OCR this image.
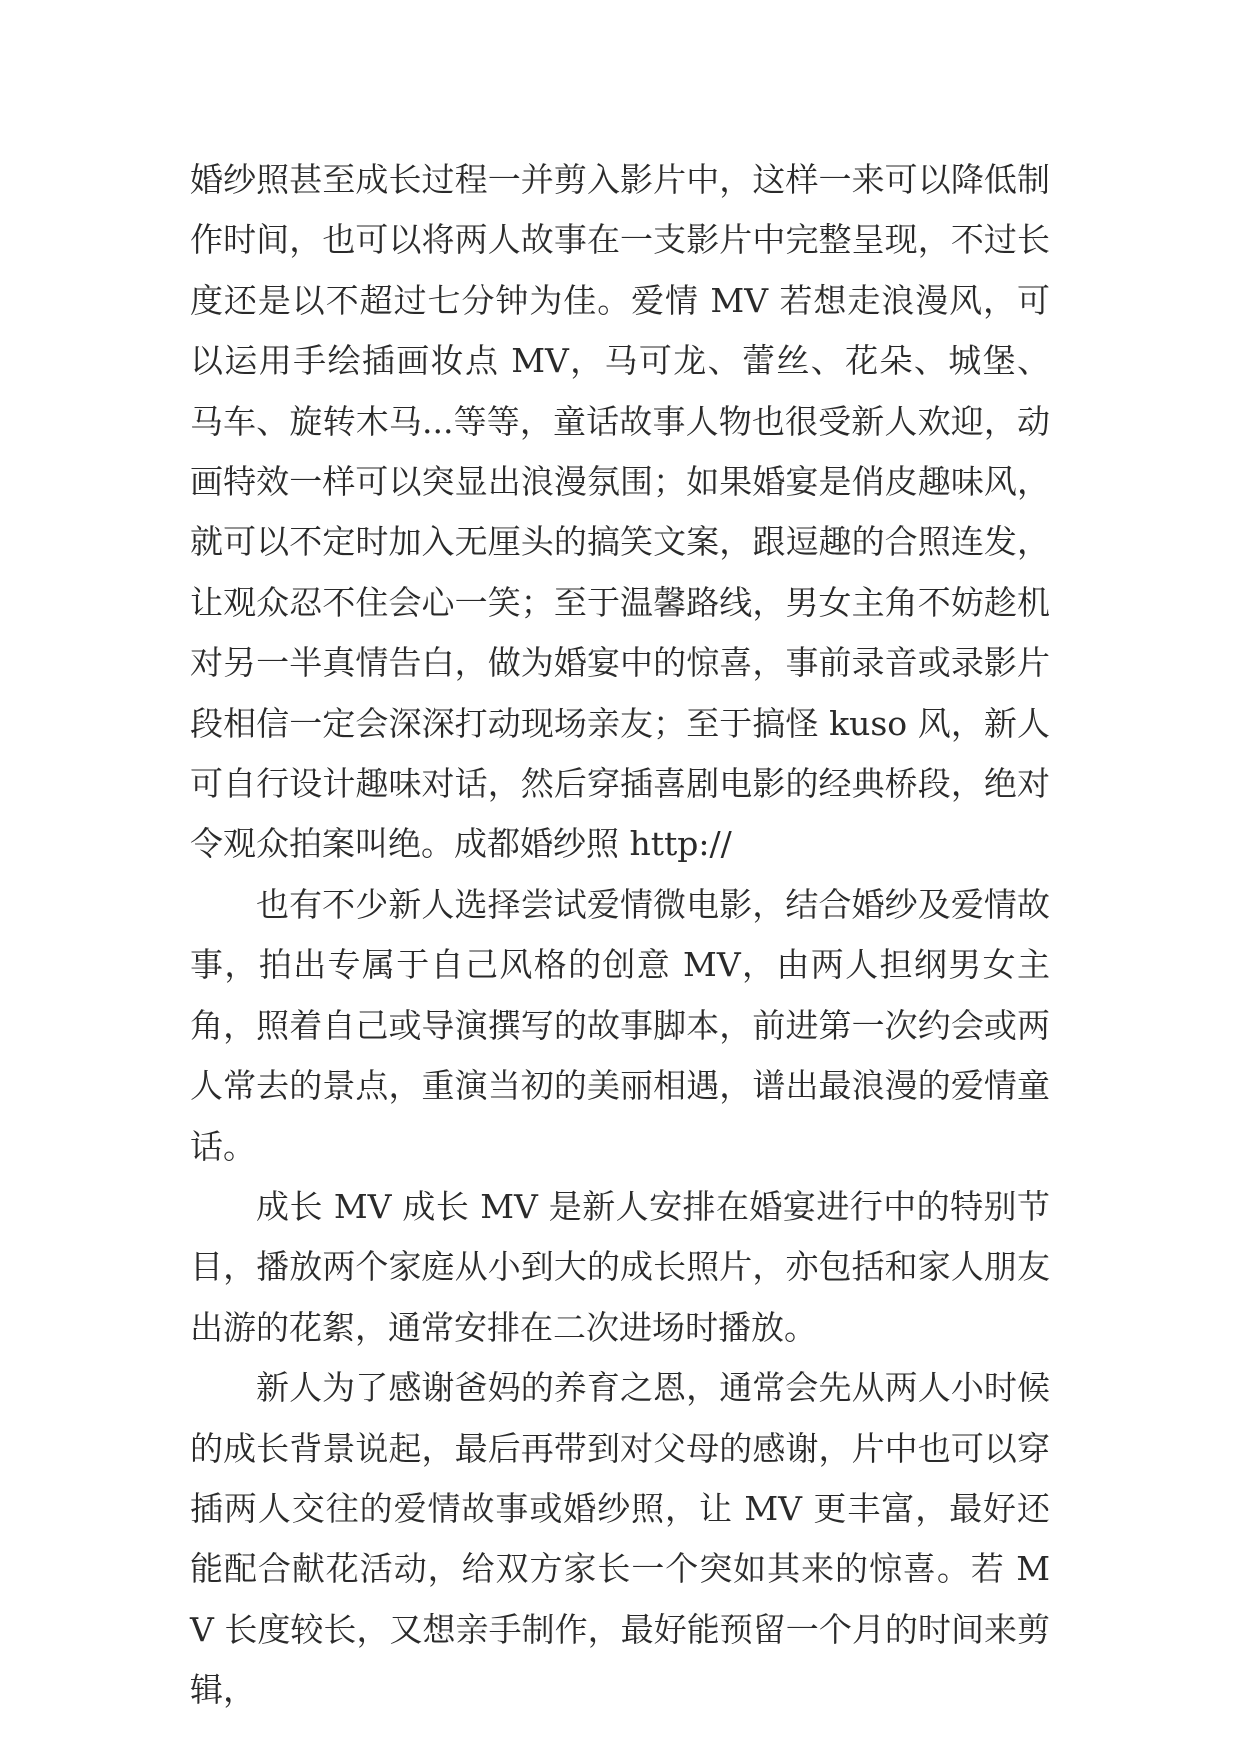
婚纱照甚至成长过程一并剪入影片中，这样一来可以降低制作时间，也可以将两人故事在一支影片中完整呈现，不过长度还是以不超过七分钟为佳。爱情 MV 若想走浪漫风，可以运用手绘插画妆点 MV，马可龙、蕾丝、花朵、城堡、马车、旋转木马...等等，童话故事人物也很受新人欢迎，动画特效一样可以突显出浪漫氛围；如果婚宴是俏皮趣味风，就可以不定时加入无厘头的搞笑文案，跟逗趣的合照连发，让观众忍不住会心一笑；至于温馨路线，男女主角不妨趁机对另一半真情告白，做为婚宴中的惊喜，事前录音或录影片段相信一定会深深打动现场亲友；至于搞怪 kuso 风，新人可自行设计趣味对话，然后穿插喜剧电影的经典桥段，绝对令观众拍案叫绝。成都婚纱照 http://

也有不少新人选择尝试爱情微电影，结合婚纱及爱情故事，拍出专属于自己风格的创意 MV，由两人担纲男女主角，照着自己或导演撰写的故事脚本，前进第一次约会或两人常去的景点，重演当初的美丽相遇，谱出最浪漫的爱情童话。

成长 MV 成长 MV 是新人安排在婚宴进行中的特别节目，播放两个家庭从小到大的成长照片，亦包括和家人朋友出游的花絮，通常安排在二次进场时播放。

新人为了感谢爸妈的养育之恩，通常会先从两人小时候的成长背景说起，最后再带到对父母的感谢，片中也可以穿插两人交往的爱情故事或婚纱照，让 MV 更丰富，最好还能配合献花活动，给双方家长一个突如其来的惊喜。若 MV 长度较长，又想亲手制作，最好能预留一个月的时间来剪辑，
